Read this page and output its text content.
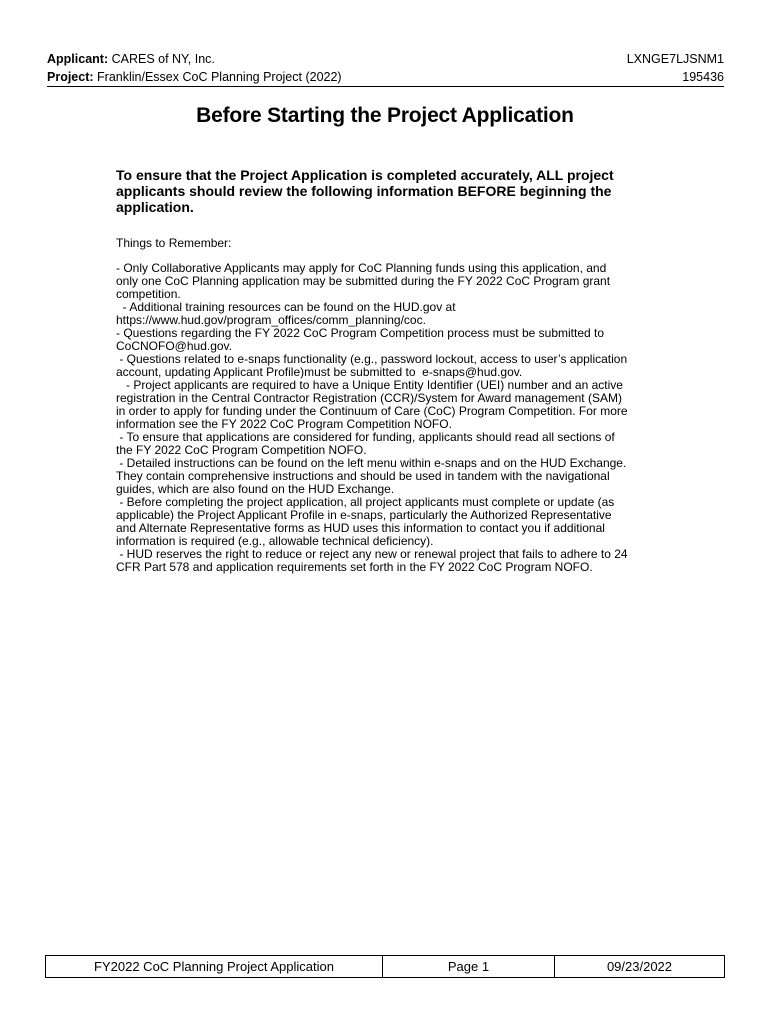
Applicant: CARES of NY, Inc.	LXNGE7LJSNM1
Project: Franklin/Essex CoC Planning Project (2022)	195436
Before Starting the Project Application
To ensure that the Project Application is completed accurately, ALL project applicants should review the following information BEFORE beginning the application.
Things to Remember:
- Only Collaborative Applicants may apply for CoC Planning funds using this application, and
only one CoC Planning application may be submitted during the FY 2022 CoC Program grant
competition.
- Additional training resources can be found on the HUD.gov at
https://www.hud.gov/program_offices/comm_planning/coc.
- Questions regarding the FY 2022 CoC Program Competition process must be submitted to
CoCNOFO@hud.gov.
- Questions related to e-snaps functionality (e.g., password lockout, access to user’s application
account, updating Applicant Profile)must be submitted to  e-snaps@hud.gov.
- Project applicants are required to have a Unique Entity Identifier (UEI) number and an active
registration in the Central Contractor Registration (CCR)/System for Award management (SAM)
in order to apply for funding under the Continuum of Care (CoC) Program Competition. For more
information see the FY 2022 CoC Program Competition NOFO.
- To ensure that applications are considered for funding, applicants should read all sections of
the FY 2022 CoC Program Competition NOFO.
- Detailed instructions can be found on the left menu within e-snaps and on the HUD Exchange.
They contain comprehensive instructions and should be used in tandem with the navigational
guides, which are also found on the HUD Exchange.
- Before completing the project application, all project applicants must complete or update (as
applicable) the Project Applicant Profile in e-snaps, particularly the Authorized Representative
and Alternate Representative forms as HUD uses this information to contact you if additional
information is required (e.g., allowable technical deficiency).
- HUD reserves the right to reduce or reject any new or renewal project that fails to adhere to 24
CFR Part 578 and application requirements set forth in the FY 2022 CoC Program NOFO.
FY2022 CoC Planning Project Application	Page 1	09/23/2022
